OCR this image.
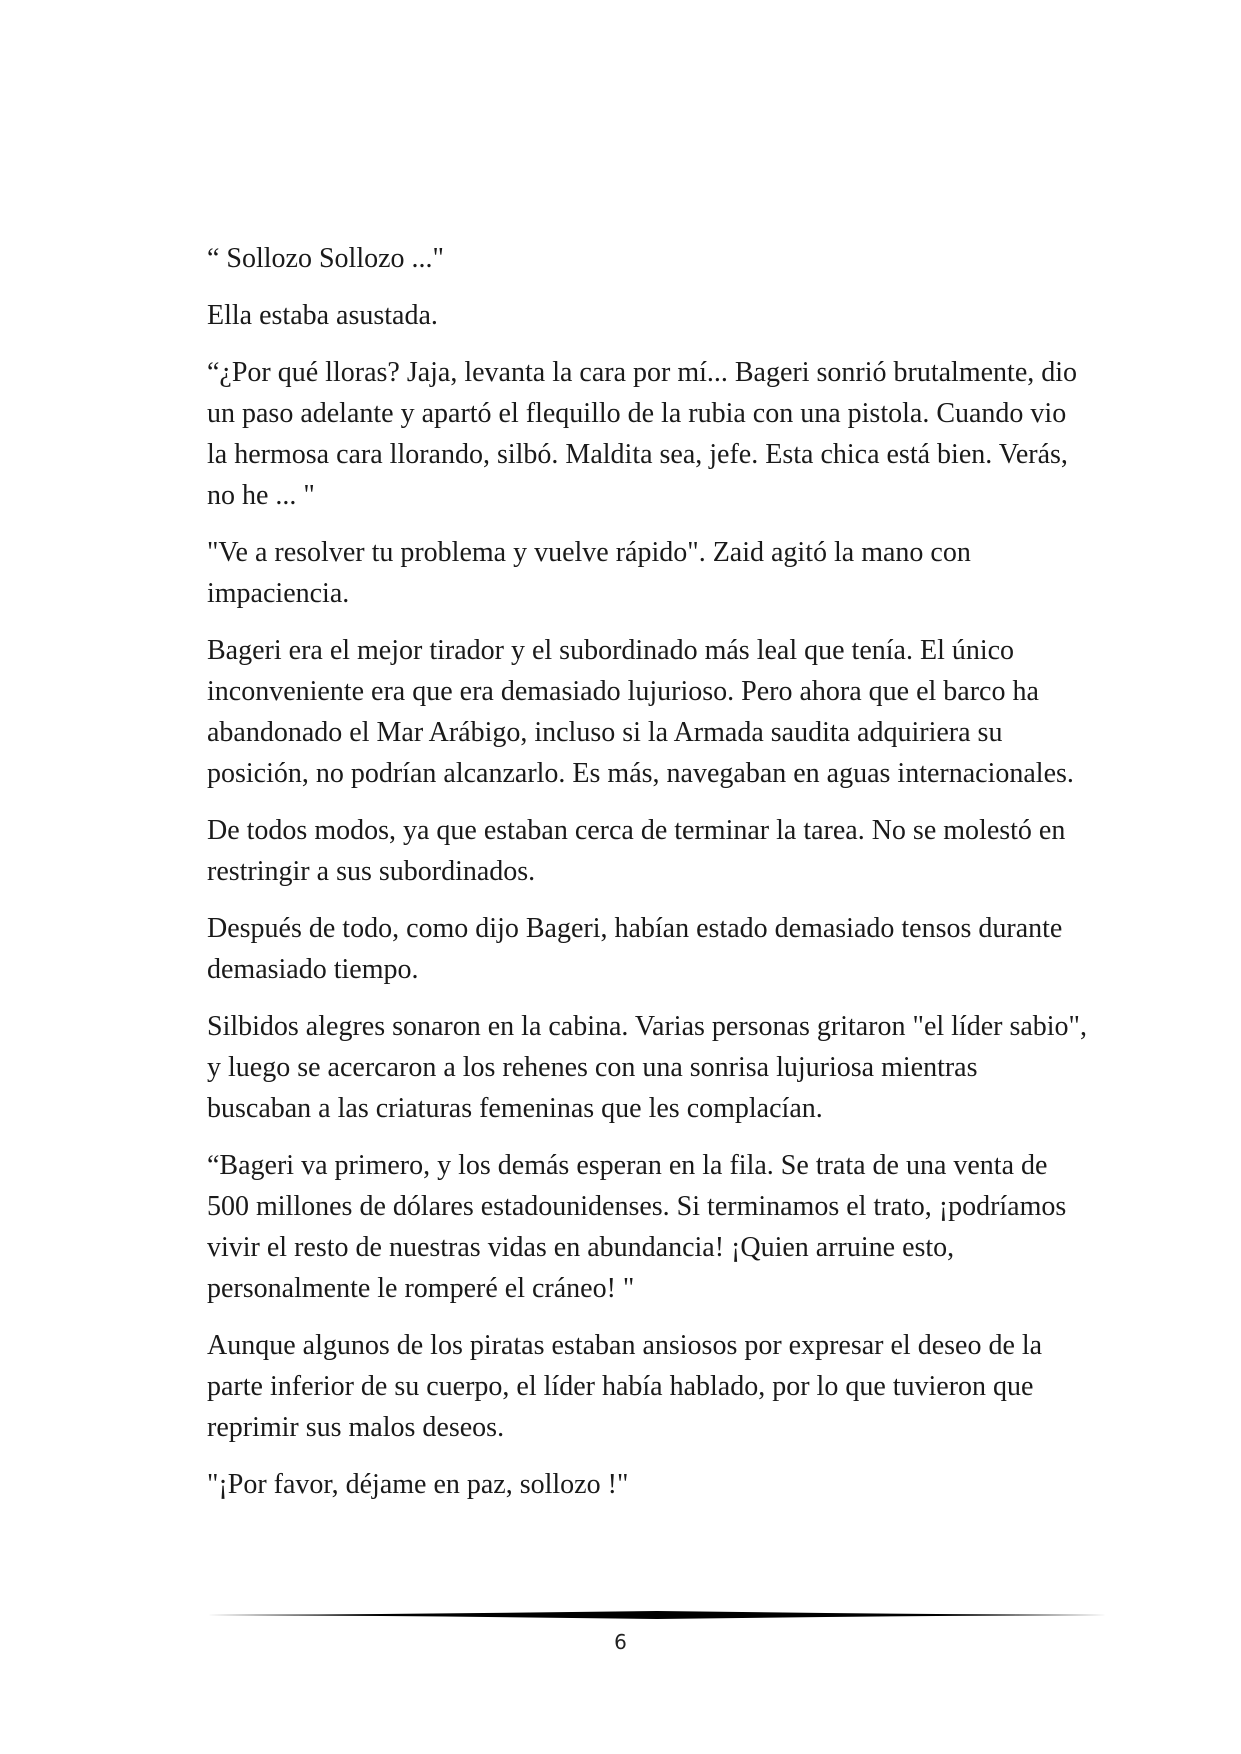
“ Sollozo Sollozo ..."

Ella estaba asustada.

“¿Por qué lloras? Jaja, levanta la cara por mí... Bageri sonrió brutalmente, dio un paso adelante y apartó el flequillo de la rubia con una pistola. Cuando vio la hermosa cara llorando, silbó. Maldita sea, jefe. Esta chica está bien. Verás, no he ... "

"Ve a resolver tu problema y vuelve rápido". Zaid agitó la mano con impaciencia.

Bageri era el mejor tirador y el subordinado más leal que tenía. El único inconveniente era que era demasiado lujurioso. Pero ahora que el barco ha abandonado el Mar Arábigo, incluso si la Armada saudita adquiriera su posición, no podrían alcanzarlo. Es más, navegaban en aguas internacionales.

De todos modos, ya que estaban cerca de terminar la tarea. No se molestó en restringir a sus subordinados.

Después de todo, como dijo Bageri, habían estado demasiado tensos durante demasiado tiempo.

Silbidos alegres sonaron en la cabina. Varias personas gritaron "el líder sabio", y luego se acercaron a los rehenes con una sonrisa lujuriosa mientras buscaban a las criaturas femeninas que les complacían.

“Bageri va primero, y los demás esperan en la fila. Se trata de una venta de 500 millones de dólares estadounidenses. Si terminamos el trato, ¡podríamos vivir el resto de nuestras vidas en abundancia! ¡Quien arruine esto, personalmente le romperé el cráneo! "

Aunque algunos de los piratas estaban ansiosos por expresar el deseo de la parte inferior de su cuerpo, el líder había hablado, por lo que tuvieron que reprimir sus malos deseos.

"¡Por favor, déjame en paz, sollozo !"

6
